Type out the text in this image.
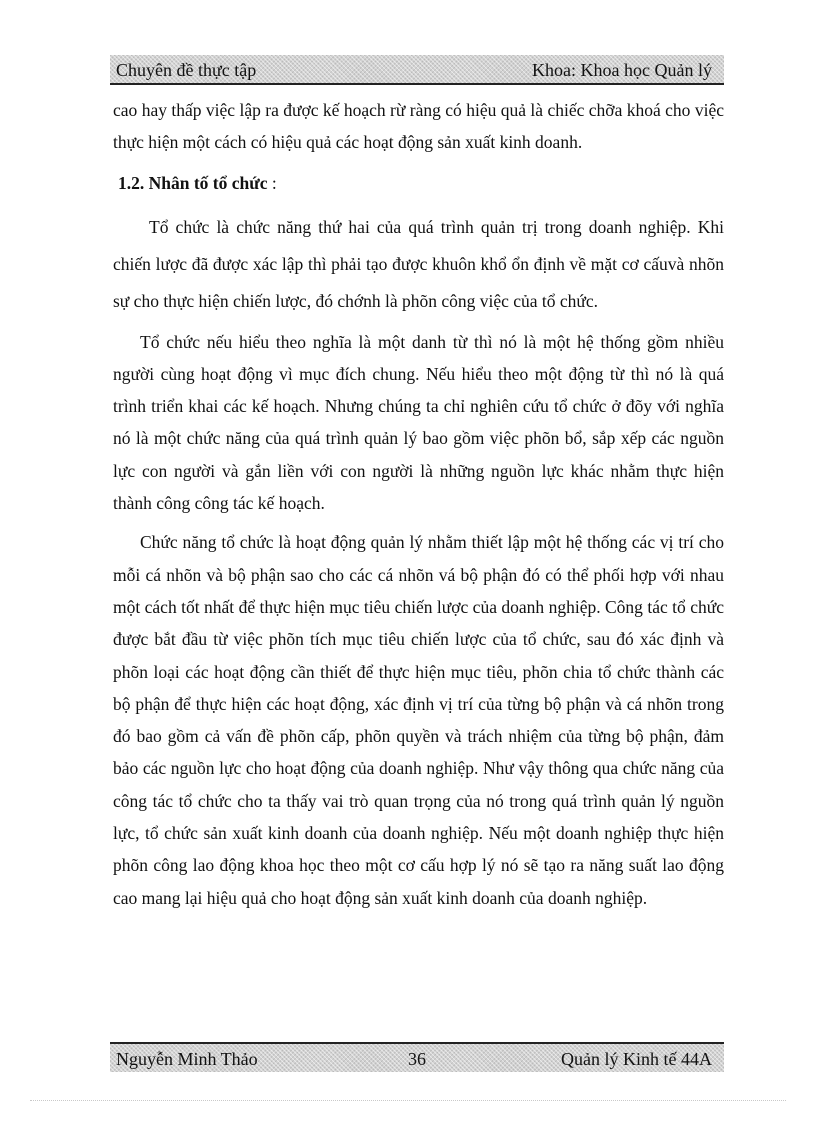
Chuyên đề thực tập	Khoa: Khoa học Quản lý

cao hay thấp việc lập ra được kế hoạch rừ ràng có hiệu quả là chiếc chỡa khoá cho việc thực hiện một cách có hiệu quả các hoạt động sản xuất kinh doanh.

1.2. Nhân tố tổ chức :

Tổ chức là chức năng thứ hai của quá trình quản trị trong doanh nghiệp. Khi chiến lược đã được xác lập thì phải tạo được khuôn khổ ổn định về mặt cơ cấuvà nhõn sự cho thực hiện chiến lược, đó chớnh là phõn công việc của tổ chức.

Tổ chức nếu hiểu theo nghĩa là một danh từ thì nó là một hệ thống gồm nhiều người cùng hoạt động vì mục đích chung. Nếu hiểu theo một động từ thì nó là quá trình triển khai các kế hoạch. Nhưng chúng ta chỉ nghiên cứu tổ chức ở đõy với nghĩa nó là một chức năng của quá trình quản lý bao gồm việc phõn bổ, sắp xếp các nguồn lực con người và gắn liền với con người là những nguồn lực khác nhằm thực hiện thành công công tác kế hoạch.

Chức năng tổ chức là hoạt động quản lý nhằm thiết lập một hệ thống các vị trí cho mỗi cá nhõn và bộ phận sao cho các cá nhõn vá bộ phận đó có thể phối hợp với nhau một cách tốt nhất để thực hiện mục tiêu chiến lược của doanh nghiệp. Công tác tổ chức được bắt đầu từ việc phõn tích mục tiêu chiến lược của tổ chức, sau đó xác định và phõn loại các hoạt động cần thiết để thực hiện mục tiêu, phõn chia tổ chức thành các bộ phận để thực hiện các hoạt động, xác định vị trí của từng bộ phận và cá nhõn trong đó bao gồm cả vấn đề phõn cấp, phõn quyền và trách nhiệm của từng bộ phận, đảm bảo các nguồn lực cho hoạt động của doanh nghiệp. Như vậy thông qua chức năng của công tác tổ chức cho ta thấy vai trò quan trọng của nó trong quá trình quản lý nguồn lực, tổ chức sản xuất kinh doanh của doanh nghiệp. Nếu một doanh nghiệp thực hiện phõn công lao động khoa học theo một cơ cấu hợp lý nó sẽ tạo ra năng suất lao động cao mang lại hiệu quả cho hoạt động sản xuất kinh doanh của doanh nghiệp.

Nguyễn Minh Thảo	36	Quản lý Kinh tế 44A
